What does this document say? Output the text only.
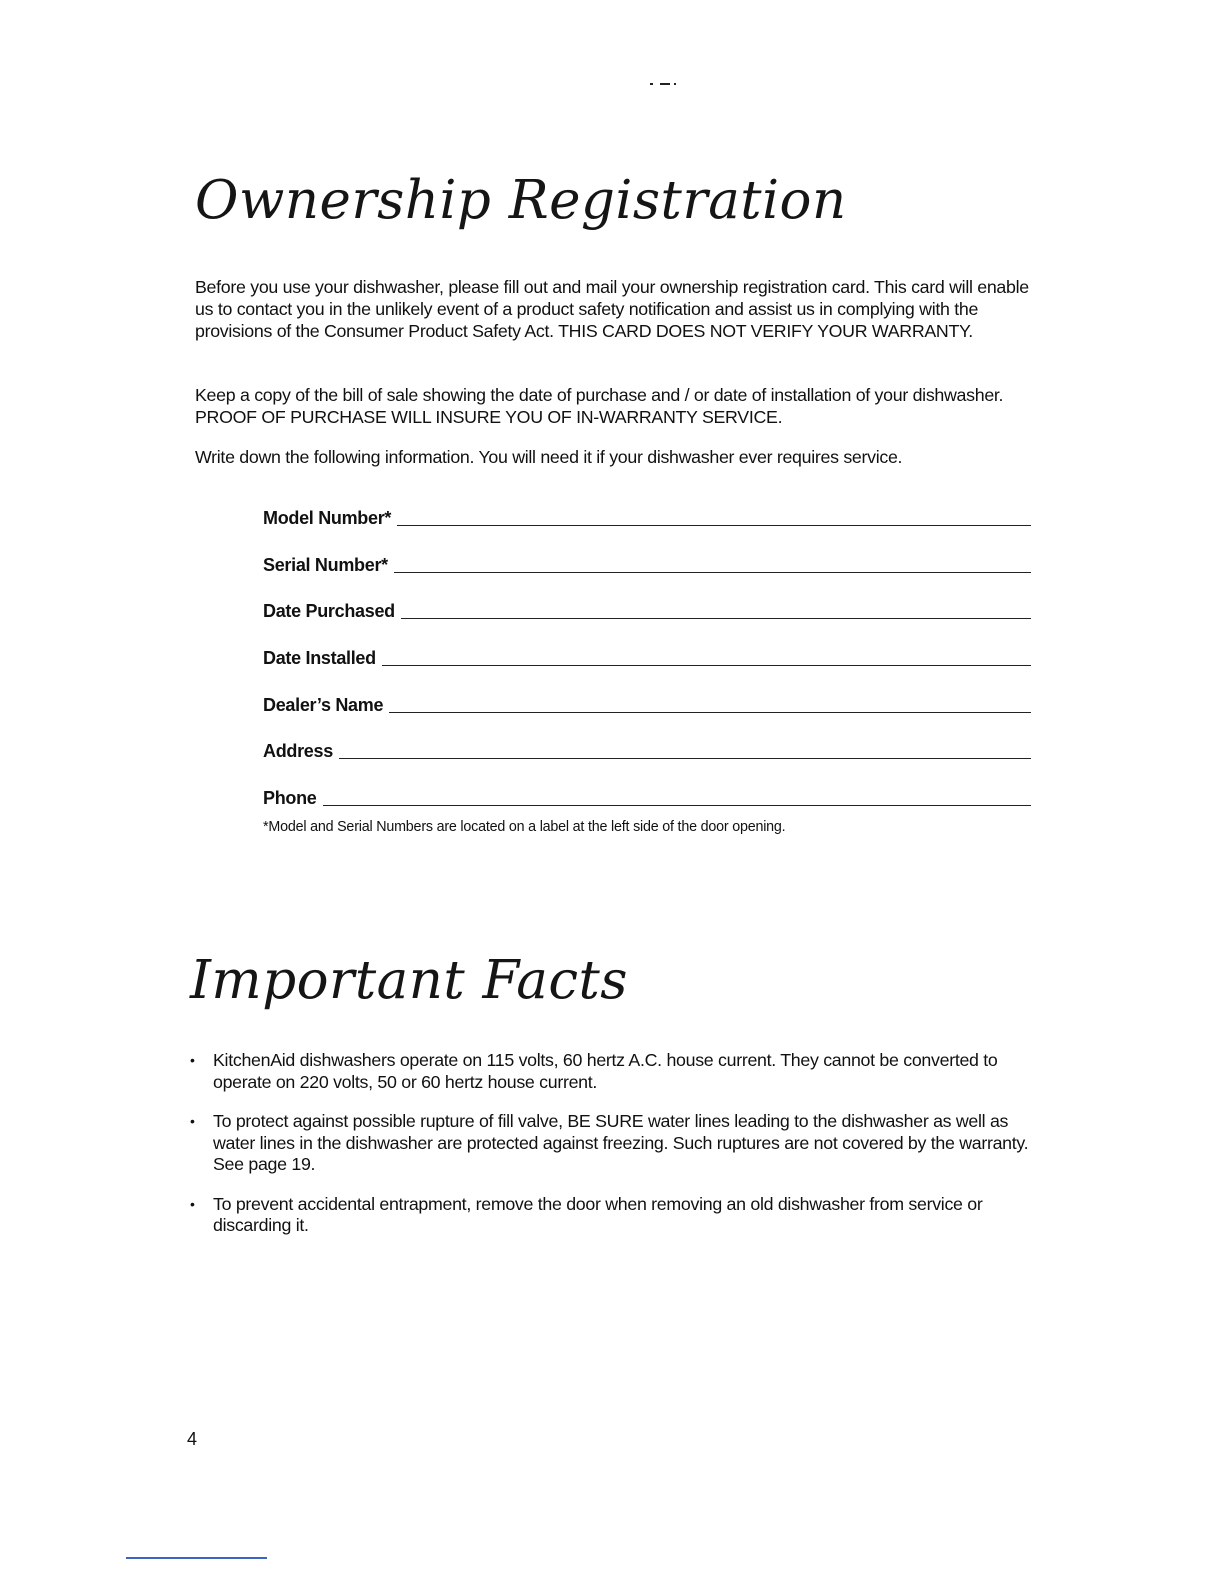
Ownership Registration

Before you use your dishwasher, please fill out and mail your ownership registration card. This card will enable us to contact you in the unlikely event of a product safety notification and assist us in complying with the provisions of the Consumer Product Safety Act. THIS CARD DOES NOT VERIFY YOUR WARRANTY.

Keep a copy of the bill of sale showing the date of purchase and / or date of installation of your dishwasher. PROOF OF PURCHASE WILL INSURE YOU OF IN-WARRANTY SERVICE.

Write down the following information. You will need it if your dishwasher ever requires service.

Model Number*
Serial Number*
Date Purchased
Date Installed
Dealer’s Name
Address
Phone
*Model and Serial Numbers are located on a label at the left side of the door opening.
Important Facts
• KitchenAid dishwashers operate on 115 volts, 60 hertz A.C. house current. They cannot be converted to operate on 220 volts, 50 or 60 hertz house current.
• To protect against possible rupture of fill valve, BE SURE water lines leading to the dishwasher as well as water lines in the dishwasher are protected against freezing. Such ruptures are not covered by the warranty. See page 19.
• To prevent accidental entrapment, remove the door when removing an old dishwasher from service or discarding it.
4
